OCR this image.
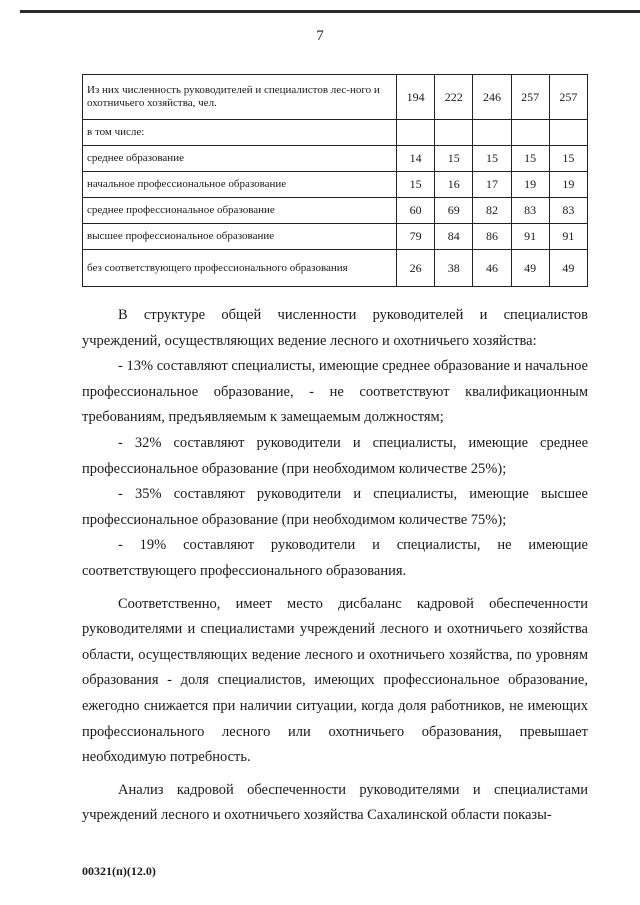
7
Из них численность руководителей и специалистов лес-ного и охотничьего хозяйства, чел.	194	222	246	257	257
в том числе:					
среднее образование	14	15	15	15	15
начальное профессиональное образование	15	16	17	19	19
среднее профессиональное образование	60	69	82	83	83
высшее профессиональное образование	79	84	86	91	91
без соответствующего профессионального образования	26	38	46	49	49

В структуре общей численности руководителей и специалистов учреждений, осуществляющих ведение лесного и охотничьего хозяйства:

- 13% составляют специалисты, имеющие среднее образование и начальное профессиональное образование, - не соответствуют квалификационным требованиям, предъявляемым к замещаемым должностям;

- 32% составляют руководители и специалисты, имеющие среднее профессиональное образование (при необходимом количестве 25%);

- 35% составляют руководители и специалисты, имеющие высшее профессиональное образование (при необходимом количестве 75%);

- 19% составляют руководители и специалисты, не имеющие соответствующего профессионального образования.

Соответственно, имеет место дисбаланс кадровой обеспеченности руководителями и специалистами учреждений лесного и охотничьего хозяйства области, осуществляющих ведение лесного и охотничьего хозяйства, по уровням образования - доля специалистов, имеющих профессиональное образование, ежегодно снижается при наличии ситуации, когда доля работников, не имеющих профессионального лесного или охотничьего образования, превышает необходимую потребность.

Анализ кадровой обеспеченности руководителями и специалистами учреждений лесного и охотничьего хозяйства Сахалинской области показы-

00321(п)(12.0)
